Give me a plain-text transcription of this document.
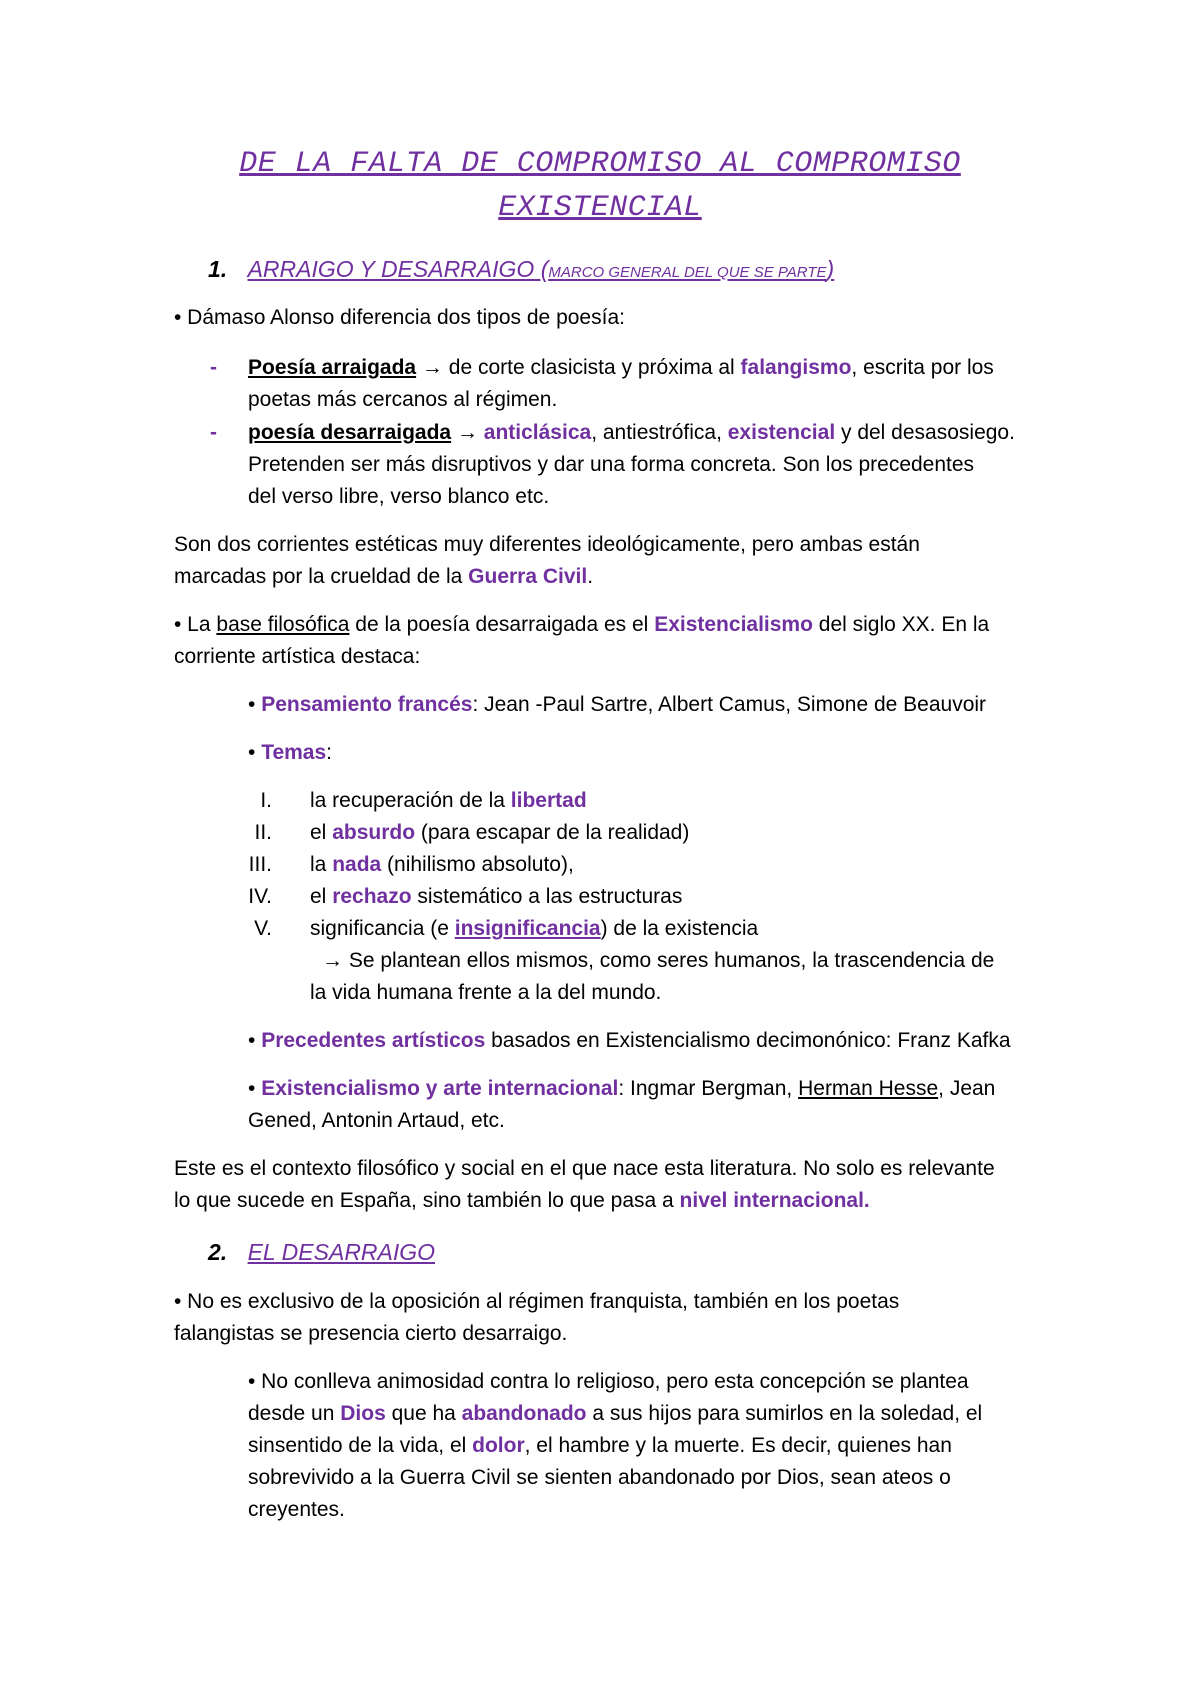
DE LA FALTA DE COMPROMISO AL COMPROMISO
EXISTENCIAL
1. ARRAIGO Y DESARRAIGO (MARCO GENERAL DEL QUE SE PARTE)
• Dámaso Alonso diferencia dos tipos de poesía:
- Poesía arraigada → de corte clasicista y próxima al falangismo, escrita por los
poetas más cercanos al régimen.
- poesía desarraigada → anticlásica, antiestrófica, existencial y del desasosiego.
Pretenden ser más disruptivos y dar una forma concreta. Son los precedentes
del verso libre, verso blanco etc.
Son dos corrientes estéticas muy diferentes ideológicamente, pero ambas están
marcadas por la crueldad de la Guerra Civil.
• La base filosófica de la poesía desarraigada es el Existencialismo del siglo XX. En la
corriente artística destaca:
• Pensamiento francés: Jean -Paul Sartre, Albert Camus, Simone de Beauvoir
• Temas:
I. la recuperación de la libertad
II. el absurdo (para escapar de la realidad)
III. la nada (nihilismo absoluto),
IV. el rechazo sistemático a las estructuras
V. significancia (e insignificancia) de la existencia
→ Se plantean ellos mismos, como seres humanos, la trascendencia de
la vida humana frente a la del mundo.
• Precedentes artísticos basados en Existencialismo decimonónico: Franz Kafka
• Existencialismo y arte internacional: Ingmar Bergman, Herman Hesse, Jean
Gened, Antonin Artaud, etc.
Este es el contexto filosófico y social en el que nace esta literatura. No solo es relevante
lo que sucede en España, sino también lo que pasa a nivel internacional.
2. EL DESARRAIGO
• No es exclusivo de la oposición al régimen franquista, también en los poetas
falangistas se presencia cierto desarraigo.
• No conlleva animosidad contra lo religioso, pero esta concepción se plantea
desde un Dios que ha abandonado a sus hijos para sumirlos en la soledad, el
sinsentido de la vida, el dolor, el hambre y la muerte. Es decir, quienes han
sobrevivido a la Guerra Civil se sienten abandonado por Dios, sean ateos o
creyentes.
